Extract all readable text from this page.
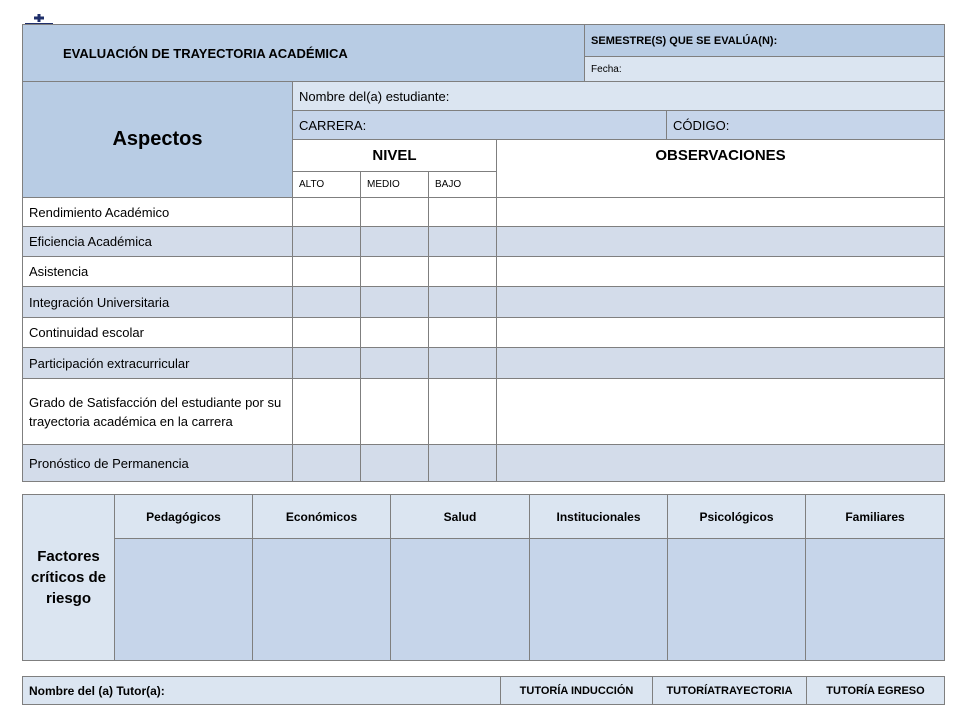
EVALUACIÓN DE TRAYECTORIA ACADÉMICA					SEMESTRE(S) QUE SE EVALÚA(N):	
					Fecha:	
Aspectos	Nombre del(a) estudiante:					
	CARRERA:					CÓDIGO:
	NIVEL			OBSERVACIONES		
	ALTO	MEDIO	BAJO			
Rendimiento Académico						
Eficiencia Académica						
Asistencia						
Integración Universitaria						
Continuidad escolar						
Participación extracurricular						
Grado de Satisfacción del estudiante por su trayectoria académica en la carrera						
Pronóstico de Permanencia						
Factores críticos de riesgo	Pedagógicos	Económicos	Salud	Institucionales	Psicológicos	Familiares

Nombre del (a) Tutor(a):	TUTORÍA INDUCCIÓN	TUTORÍATRAYECTORIA	TUTORÍA EGRESO
